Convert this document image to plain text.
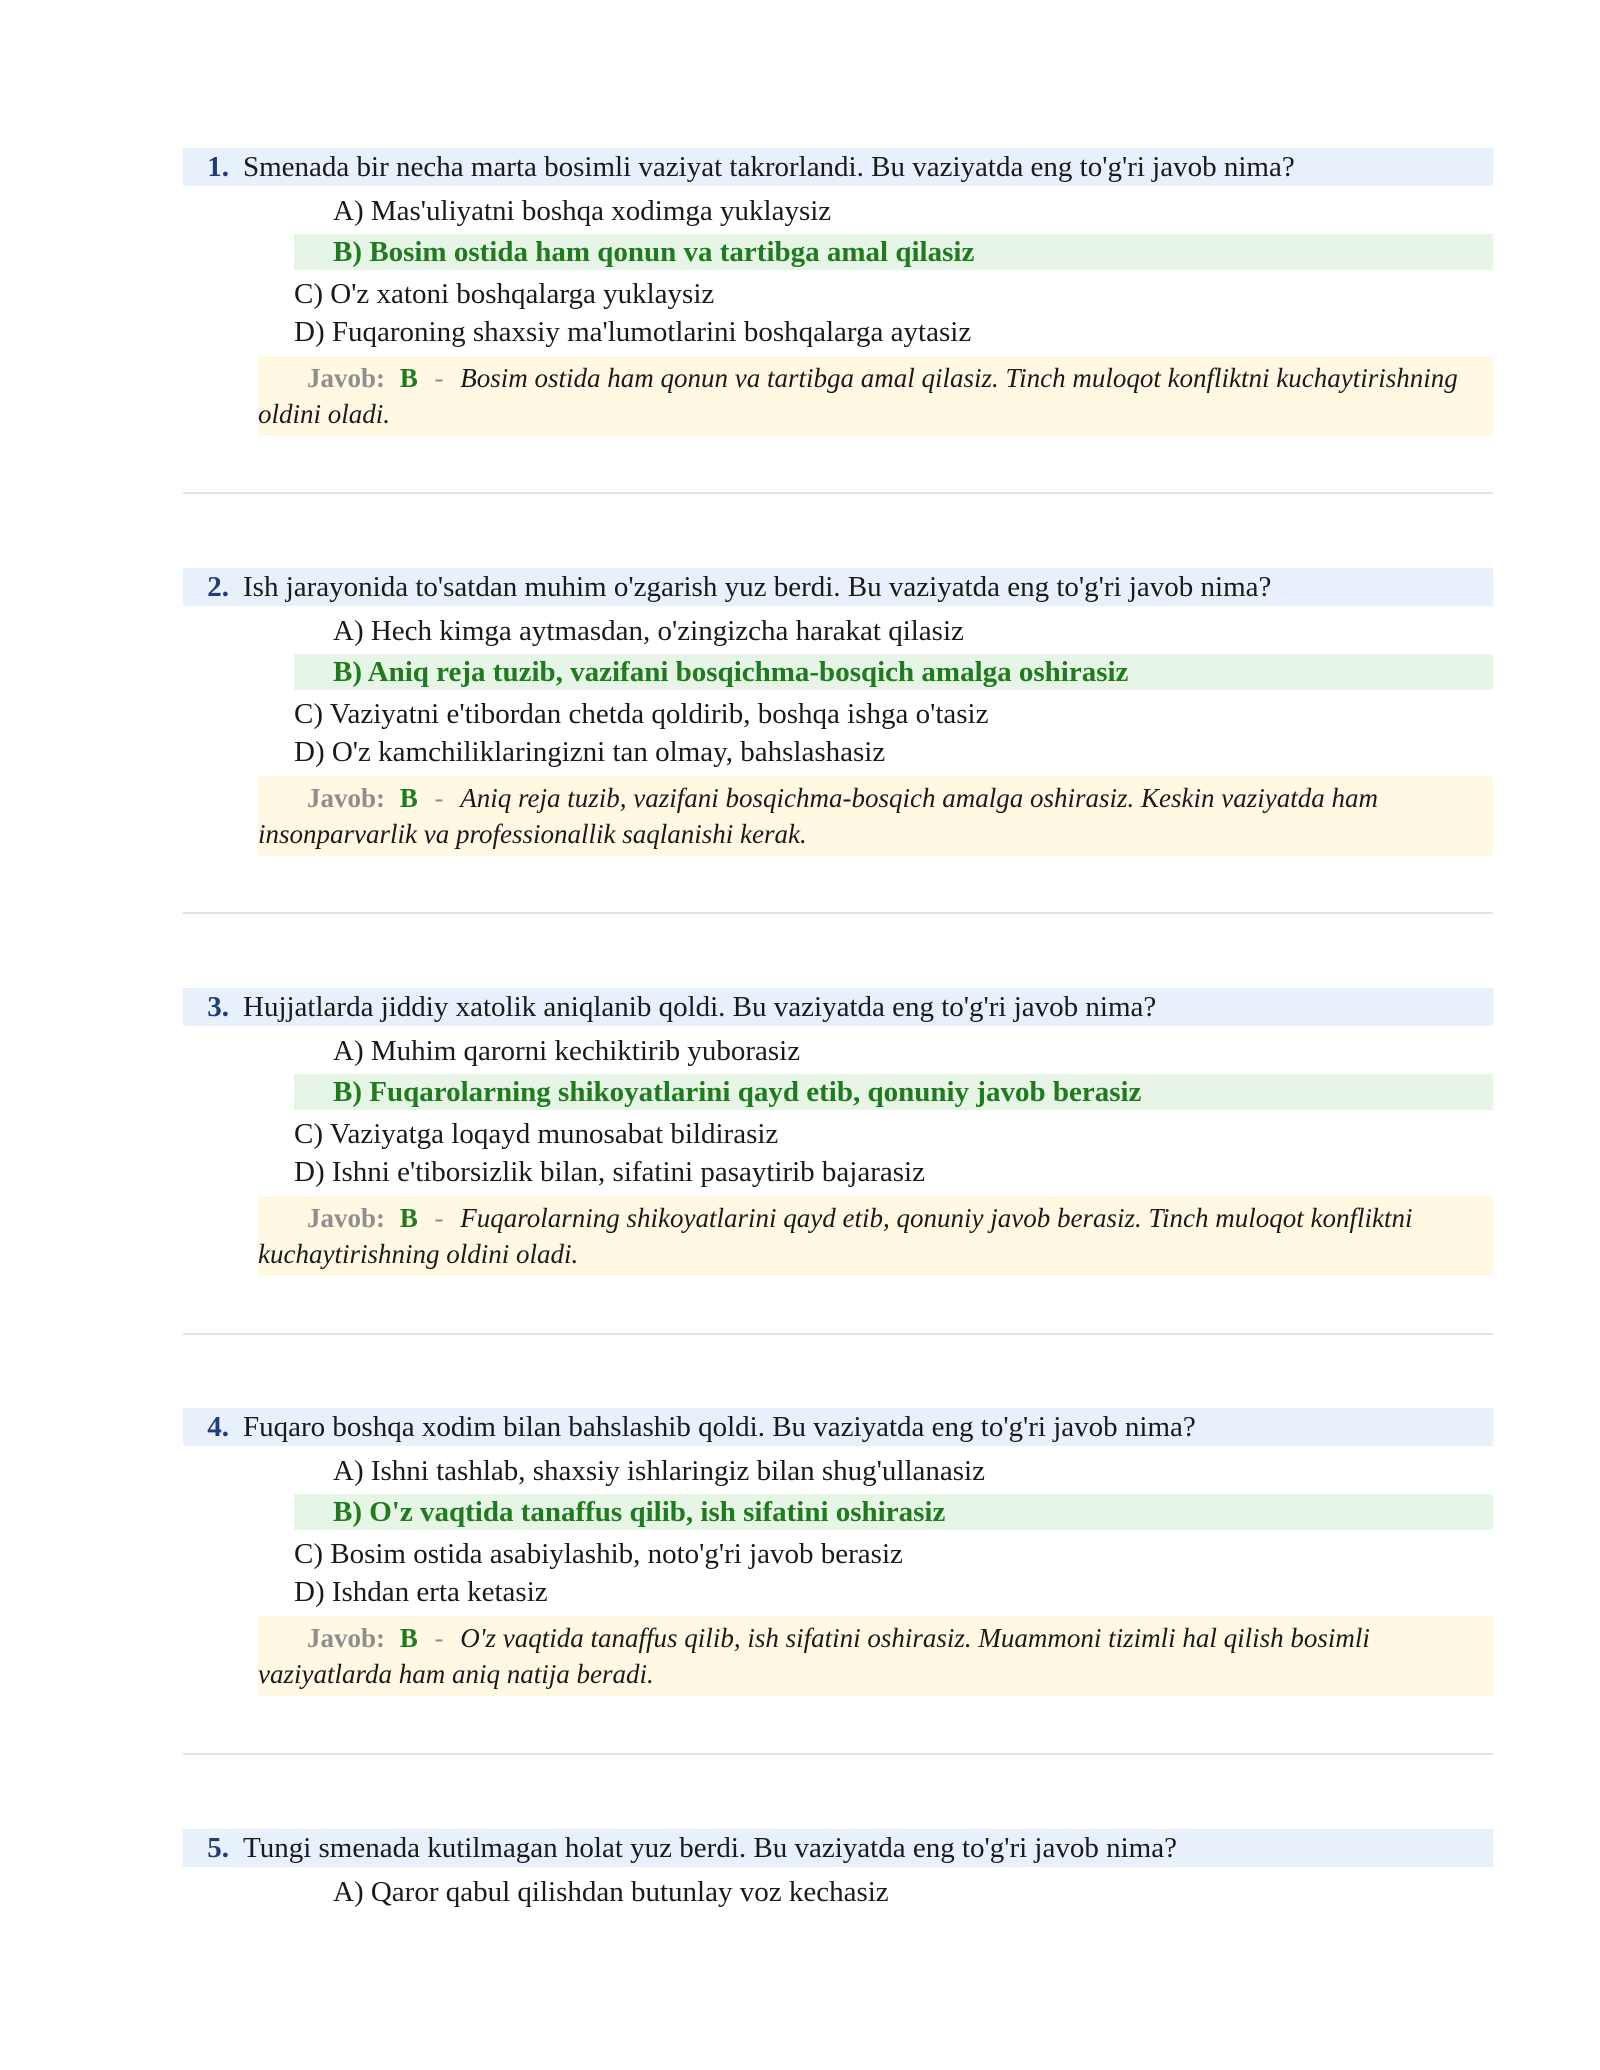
1. Smenada bir necha marta bosimli vaziyat takrorlandi. Bu vaziyatda eng to'g'ri javob nima?
A) Mas'uliyatni boshqa xodimga yuklaysiz
B) Bosim ostida ham qonun va tartibga amal qilasiz
C) O'z xatoni boshqalarga yuklaysiz
D) Fuqaroning shaxsiy ma'lumotlarini boshqalarga aytasiz
Javob: B - Bosim ostida ham qonun va tartibga amal qilasiz. Tinch muloqot konfliktni kuchaytirishning oldini oladi.
2. Ish jarayonida to'satdan muhim o'zgarish yuz berdi. Bu vaziyatda eng to'g'ri javob nima?
A) Hech kimga aytmasdan, o'zingizcha harakat qilasiz
B) Aniq reja tuzib, vazifani bosqichma-bosqich amalga oshirasiz
C) Vaziyatni e'tibordan chetda qoldirib, boshqa ishga o'tasiz
D) O'z kamchiliklaringizni tan olmay, bahslashasiz
Javob: B - Aniq reja tuzib, vazifani bosqichma-bosqich amalga oshirasiz. Keskin vaziyatda ham insonparvarlik va professionallik saqlanishi kerak.
3. Hujjatlarda jiddiy xatolik aniqlanib qoldi. Bu vaziyatda eng to'g'ri javob nima?
A) Muhim qarorni kechiktirib yuborasiz
B) Fuqarolarning shikoyatlarini qayd etib, qonuniy javob berasiz
C) Vaziyatga loqayd munosabat bildirasiz
D) Ishni e'tiborsizlik bilan, sifatini pasaytirib bajarasiz
Javob: B - Fuqarolarning shikoyatlarini qayd etib, qonuniy javob berasiz. Tinch muloqot konfliktni kuchaytirishning oldini oladi.
4. Fuqaro boshqa xodim bilan bahslashib qoldi. Bu vaziyatda eng to'g'ri javob nima?
A) Ishni tashlab, shaxsiy ishlaringiz bilan shug'ullanasiz
B) O'z vaqtida tanaffus qilib, ish sifatini oshirasiz
C) Bosim ostida asabiylashib, noto'g'ri javob berasiz
D) Ishdan erta ketasiz
Javob: B - O'z vaqtida tanaffus qilib, ish sifatini oshirasiz. Muammoni tizimli hal qilish bosimli vaziyatlarda ham aniq natija beradi.
5. Tungi smenada kutilmagan holat yuz berdi. Bu vaziyatda eng to'g'ri javob nima?
A) Qaror qabul qilishdan butunlay voz kechasiz
